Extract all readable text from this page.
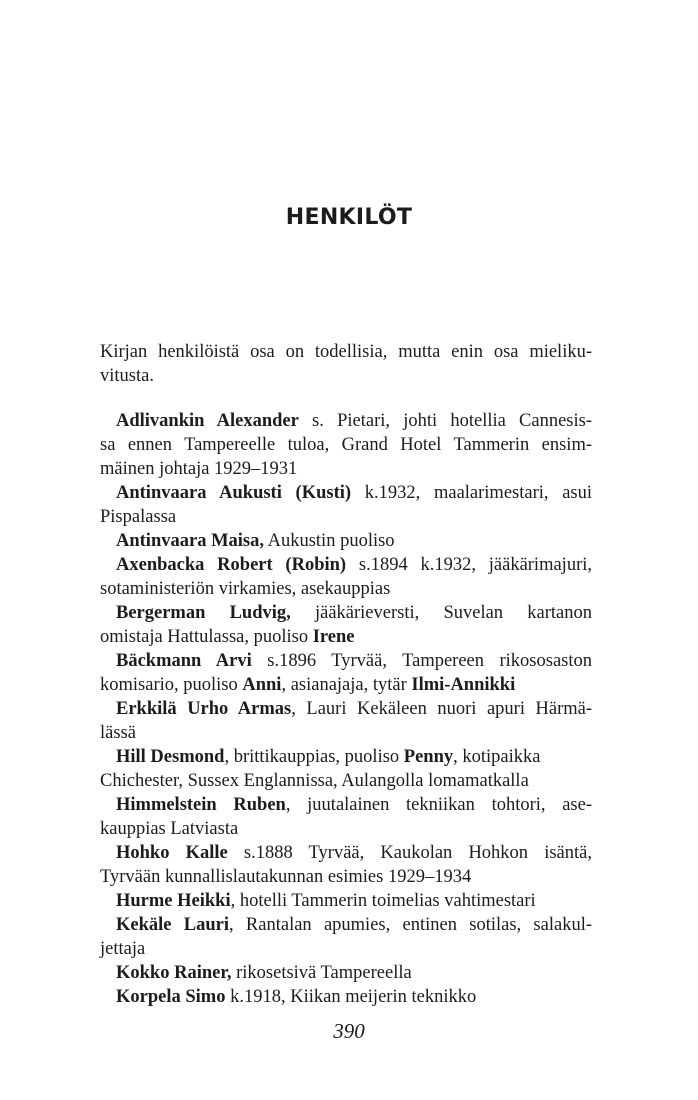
HENKILÖT
Kirjan henkilöistä osa on todellisia, mutta enin osa mieliku-
vitusta.
Adlivankin Alexander s. Pietari, johti hotellia Cannesis-
sa ennen Tampereelle tuloa, Grand Hotel Tammerin ensim-
mäinen johtaja 1929–1931
Antinvaara Aukusti (Kusti) k.1932, maalarimestari, asui
Pispalassa
Antinvaara Maisa, Aukustin puoliso
Axenbacka Robert (Robin) s.1894 k.1932, jääkärimajuri,
sotaministeriön virkamies, asekauppias
Bergerman Ludvig, jääkärieversti, Suvelan kartanon
omistaja Hattulassa, puoliso Irene
Bäckmann Arvi s.1896 Tyrvää, Tampereen rikososaston
komisario, puoliso Anni, asianajaja, tytär Ilmi-Annikki
Erkkilä Urho Armas, Lauri Kekäleen nuori apuri Härmä-
lässä
Hill Desmond, brittikauppias, puoliso Penny, kotipaikka
Chichester, Sussex Englannissa, Aulangolla lomamatkalla
Himmelstein Ruben, juutalainen tekniikan tohtori, ase-
kauppias Latviasta
Hohko Kalle s.1888 Tyrvää, Kaukolan Hohkon isäntä,
Tyrvään kunnallislautakunnan esimies 1929–1934
Hurme Heikki, hotelli Tammerin toimelias vahtimestari
Kekäle Lauri, Rantalan apumies, entinen sotilas, salakul-
jettaja
Kokko Rainer, rikosetsivä Tampereella
Korpela Simo k.1918, Kiikan meijerin teknikko
390
